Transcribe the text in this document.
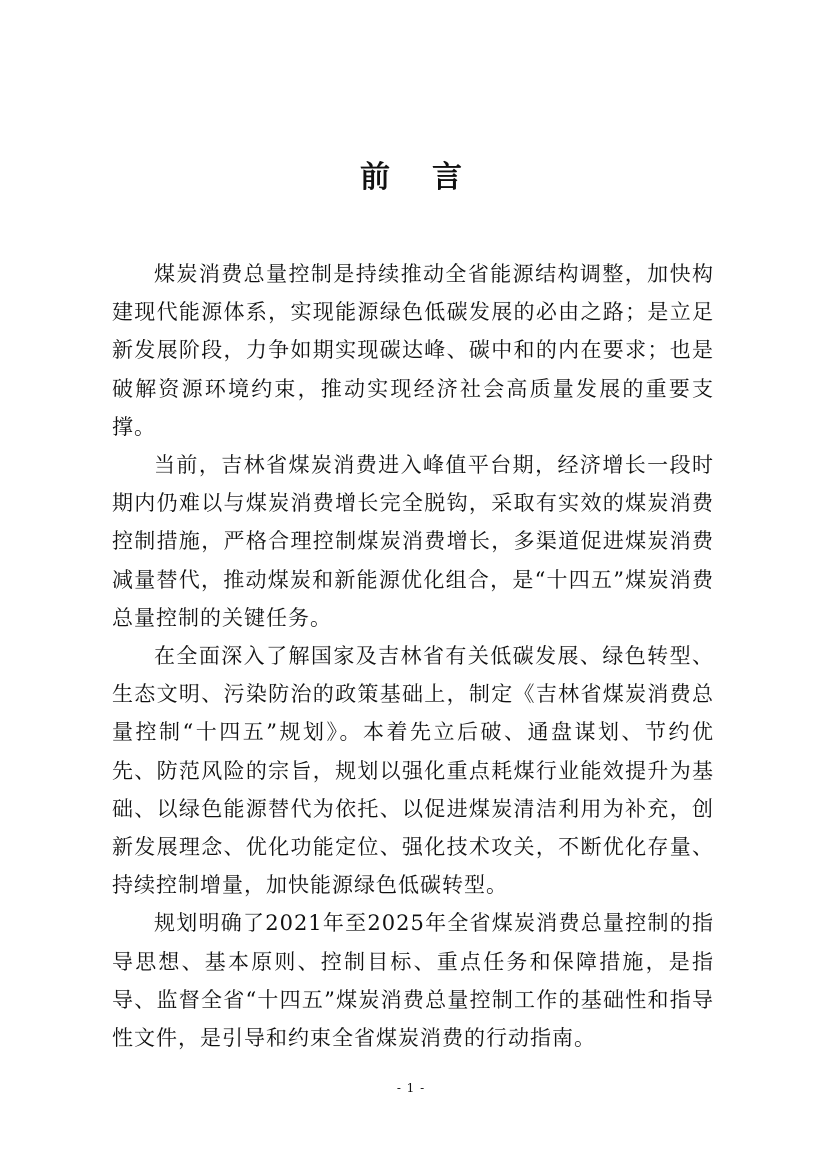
前言

煤炭消费总量控制是持续推动全省能源结构调整，加快构建现代能源体系，实现能源绿色低碳发展的必由之路；是立足新发展阶段，力争如期实现碳达峰、碳中和的内在要求；也是破解资源环境约束，推动实现经济社会高质量发展的重要支撑。

当前，吉林省煤炭消费进入峰值平台期，经济增长一段时期内仍难以与煤炭消费增长完全脱钩，采取有实效的煤炭消费控制措施，严格合理控制煤炭消费增长，多渠道促进煤炭消费减量替代，推动煤炭和新能源优化组合，是“十四五”煤炭消费总量控制的关键任务。

在全面深入了解国家及吉林省有关低碳发展、绿色转型、生态文明、污染防治的政策基础上，制定《吉林省煤炭消费总量控制“十四五”规划》。本着先立后破、通盘谋划、节约优先、防范风险的宗旨，规划以强化重点耗煤行业能效提升为基础、以绿色能源替代为依托、以促进煤炭清洁利用为补充，创新发展理念、优化功能定位、强化技术攻关，不断优化存量、持续控制增量，加快能源绿色低碳转型。

规划明确了2021年至2025年全省煤炭消费总量控制的指导思想、基本原则、控制目标、重点任务和保障措施，是指导、监督全省“十四五”煤炭消费总量控制工作的基础性和指导性文件，是引导和约束全省煤炭消费的行动指南。

- 1 -
